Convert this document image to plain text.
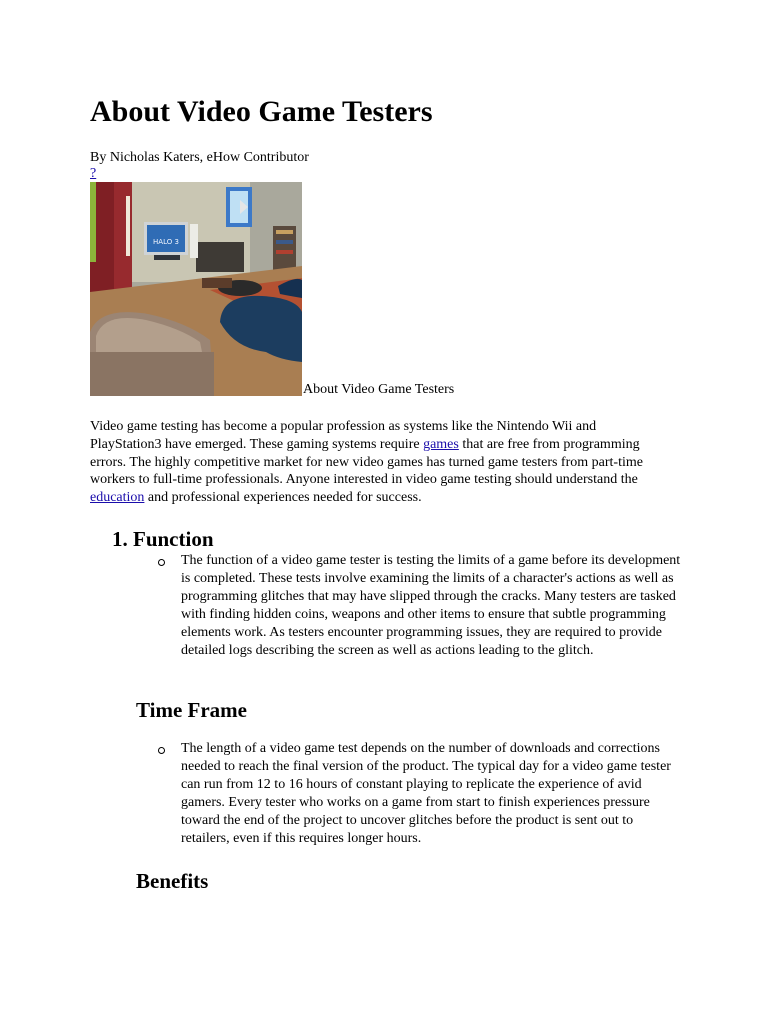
About Video Game Testers
By Nicholas Katers, eHow Contributor
?
HALO 3
About Video Game Testers

Video game testing has become a popular profession as systems like the Nintendo Wii and PlayStation3 have emerged. These gaming systems require games that are free from programming errors. The highly competitive market for new video games has turned game testers from part-time workers to full-time professionals. Anyone interested in video game testing should understand the education and professional experiences needed for success.

1. Function

The function of a video game tester is testing the limits of a game before its development is completed. These tests involve examining the limits of a character's actions as well as programming glitches that may have slipped through the cracks. Many testers are tasked with finding hidden coins, weapons and other items to ensure that subtle programming elements work. As testers encounter programming issues, they are required to provide detailed logs describing the screen as well as actions leading to the glitch.

Time Frame

The length of a video game test depends on the number of downloads and corrections needed to reach the final version of the product. The typical day for a video game tester can run from 12 to 16 hours of constant playing to replicate the experience of avid gamers. Every tester who works on a game from start to finish experiences pressure toward the end of the project to uncover glitches before the product is sent out to retailers, even if this requires longer hours.

Benefits
